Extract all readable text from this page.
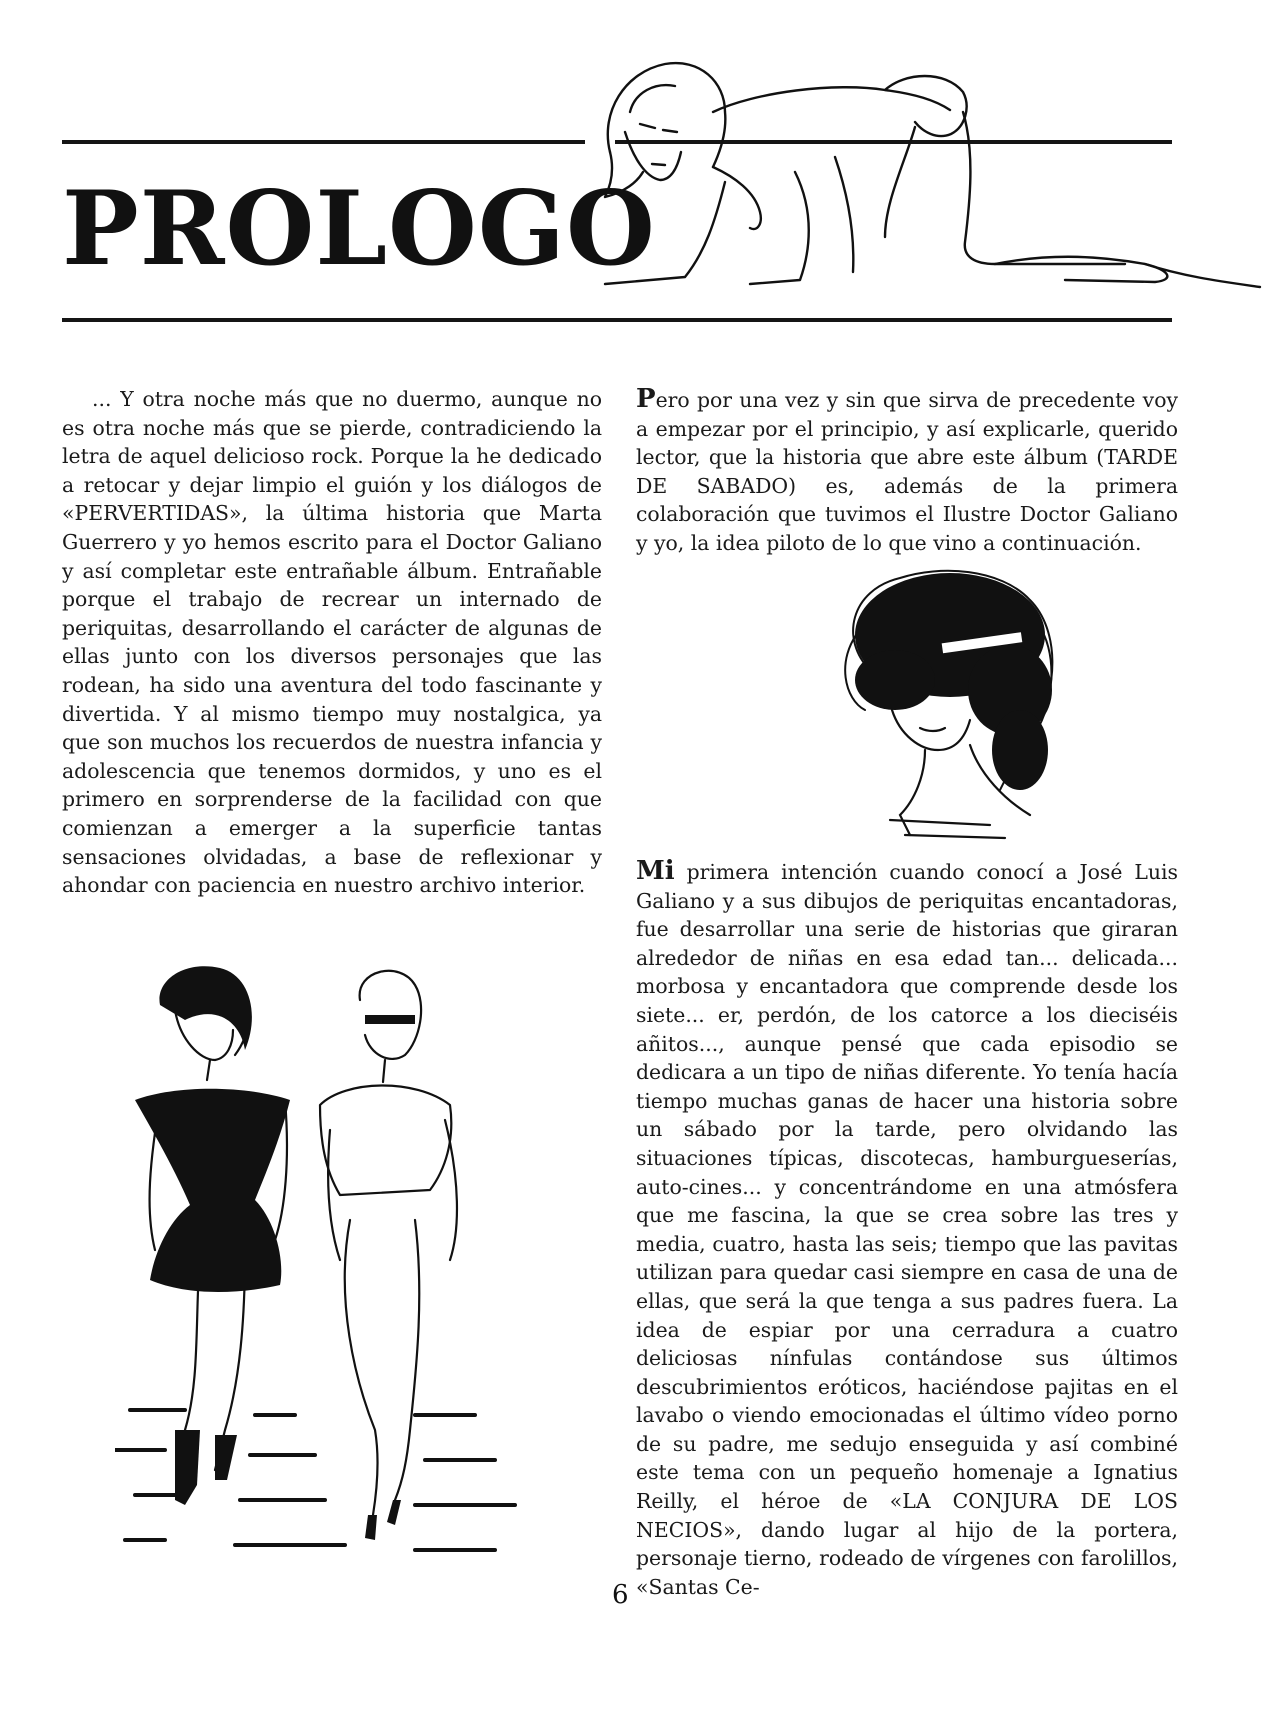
PROLOGO

... Y otra noche más que no duermo, aunque no es otra noche más que se pierde, contradiciendo la letra de aquel delicioso rock. Porque la he dedicado a retocar y dejar limpio el guión y los diálogos de «PERVERTIDAS», la última historia que Marta Guerrero y yo hemos escrito para el Doctor Galiano y así completar este entrañable álbum. Entrañable porque el trabajo de recrear un internado de periquitas, desarrollando el carácter de algunas de ellas junto con los diversos personajes que las rodean, ha sido una aventura del todo fascinante y divertida. Y al mismo tiempo muy nostalgica, ya que son muchos los recuerdos de nuestra infancia y adolescencia que tenemos dormidos, y uno es el primero en sorprenderse de la facilidad con que comienzan a emerger a la superficie tantas sensaciones olvidadas, a base de reflexionar y ahondar con paciencia en nuestro archivo interior.

Pero por una vez y sin que sirva de precedente voy a empezar por el principio, y así explicarle, querido lector, que la historia que abre este álbum (TARDE DE SABADO) es, además de la primera colaboración que tuvimos el Ilustre Doctor Galiano y yo, la idea piloto de lo que vino a continuación.

Mi primera intención cuando conocí a José Luis Galiano y a sus dibujos de periquitas encantadoras, fue desarrollar una serie de historias que giraran alrededor de niñas en esa edad tan... delicada... morbosa y encantadora que comprende desde los siete... er, perdón, de los catorce a los dieciséis añitos..., aunque pensé que cada episodio se dedicara a un tipo de niñas diferente. Yo tenía hacía tiempo muchas ganas de hacer una historia sobre un sábado por la tarde, pero olvidando las situaciones típicas, discotecas, hamburgueserías, auto-cines... y concentrándome en una atmósfera que me fascina, la que se crea sobre las tres y media, cuatro, hasta las seis; tiempo que las pavitas utilizan para quedar casi siempre en casa de una de ellas, que será la que tenga a sus padres fuera. La idea de espiar por una cerradura a cuatro deliciosas nínfulas contándose sus últimos descubrimientos eróticos, haciéndose pajitas en el lavabo o viendo emocionadas el último vídeo porno de su padre, me sedujo enseguida y así combiné este tema con un pequeño homenaje a Ignatius Reilly, el héroe de «LA CONJURA DE LOS NECIOS», dando lugar al hijo de la portera, personaje tierno, rodeado de vírgenes con farolillos, «Santas Ce-

6
